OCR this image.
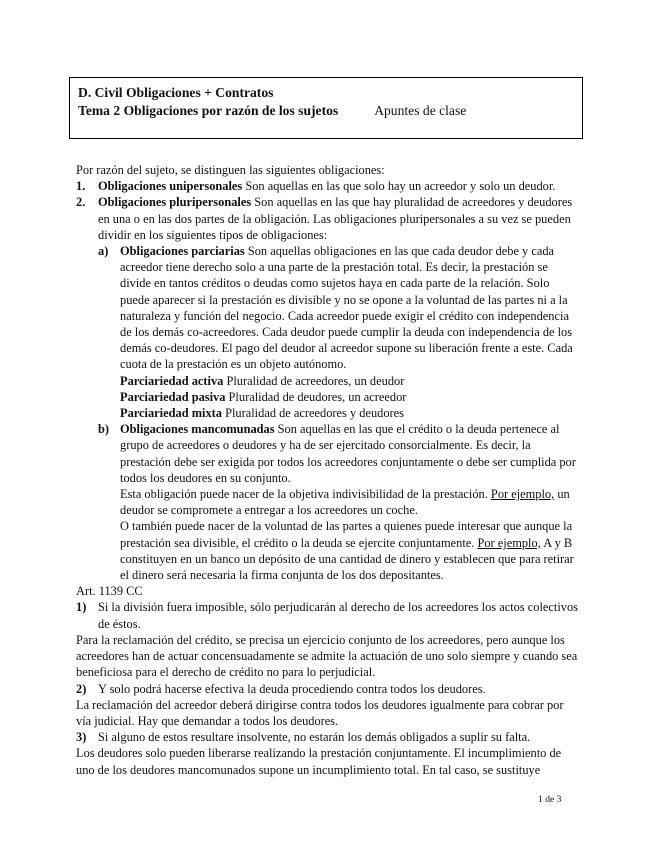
D. Civil Obligaciones + Contratos
Tema 2 Obligaciones por razón de los sujetos	Apuntes de clase

Por razón del sujeto, se distinguen las siguientes obligaciones:

1.	Obligaciones unipersonales Son aquellas en las que solo hay un acreedor y solo un deudor.
2.	Obligaciones pluripersonales Son aquellas en las que hay pluralidad de acreedores y deudores en una o en las dos partes de la obligación. Las obligaciones pluripersonales a su vez se pueden dividir en los siguientes tipos de obligaciones:
a) Obligaciones parciarias Son aquellas obligaciones en las que cada deudor debe y cada acreedor tiene derecho solo a una parte de la prestación total. Es decir, la prestación se divide en tantos créditos o deudas como sujetos haya en cada parte de la relación. Solo puede aparecer si la prestación es divisible y no se opone a la voluntad de las partes ni a la naturaleza y función del negocio. Cada acreedor puede exigir el crédito con independencia de los demás co-acreedores. Cada deudor puede cumplir la deuda con independencia de los demás co-deudores. El pago del deudor al acreedor supone su liberación frente a este. Cada cuota de la prestación es un objeto autónomo.
Parciariedad activa Pluralidad de acreedores, un deudor
Parciariedad pasiva Pluralidad de deudores, un acreedor
Parciariedad mixta Pluralidad de acreedores y deudores
b) Obligaciones mancomunadas Son aquellas en las que el crédito o la deuda pertenece al grupo de acreedores o deudores y ha de ser ejercitado consorcialmente. Es decir, la prestación debe ser exigida por todos los acreedores conjuntamente o debe ser cumplida por todos los deudores en su conjunto.
Esta obligación puede nacer de la objetiva indivisibilidad de la prestación. Por ejemplo, un deudor se compromete a entregar a los acreedores un coche.
O también puede nacer de la voluntad de las partes a quienes puede interesar que aunque la prestación sea divisible, el crédito o la deuda se ejercite conjuntamente. Por ejemplo, A y B constituyen en un banco un depósito de una cantidad de dinero y establecen que para retirar el dinero será necesaria la firma conjunta de los dos depositantes.

Art. 1139 CC

1) Si la división fuera imposible, sólo perjudicarán al derecho de los acreedores los actos colectivos de éstos.

Para la reclamación del crédito, se precisa un ejercicio conjunto de los acreedores, pero aunque los acreedores han de actuar concensuadamente se admite la actuación de uno solo siempre y cuando sea beneficiosa para el derecho de crédito no para lo perjudicial.

2) Y solo podrá hacerse efectiva la deuda procediendo contra todos los deudores.

La reclamación del acreedor deberá dirigirse contra todos los deudores igualmente para cobrar por vía judicial. Hay que demandar a todos los deudores.

3) Si alguno de estos resultare insolvente, no estarán los demás obligados a suplir su falta.

Los deudores solo pueden liberarse realizando la prestación conjuntamente. El incumplimiento de uno de los deudores mancomunados supone un incumplimiento total. En tal caso, se sustituye

1 de 3
